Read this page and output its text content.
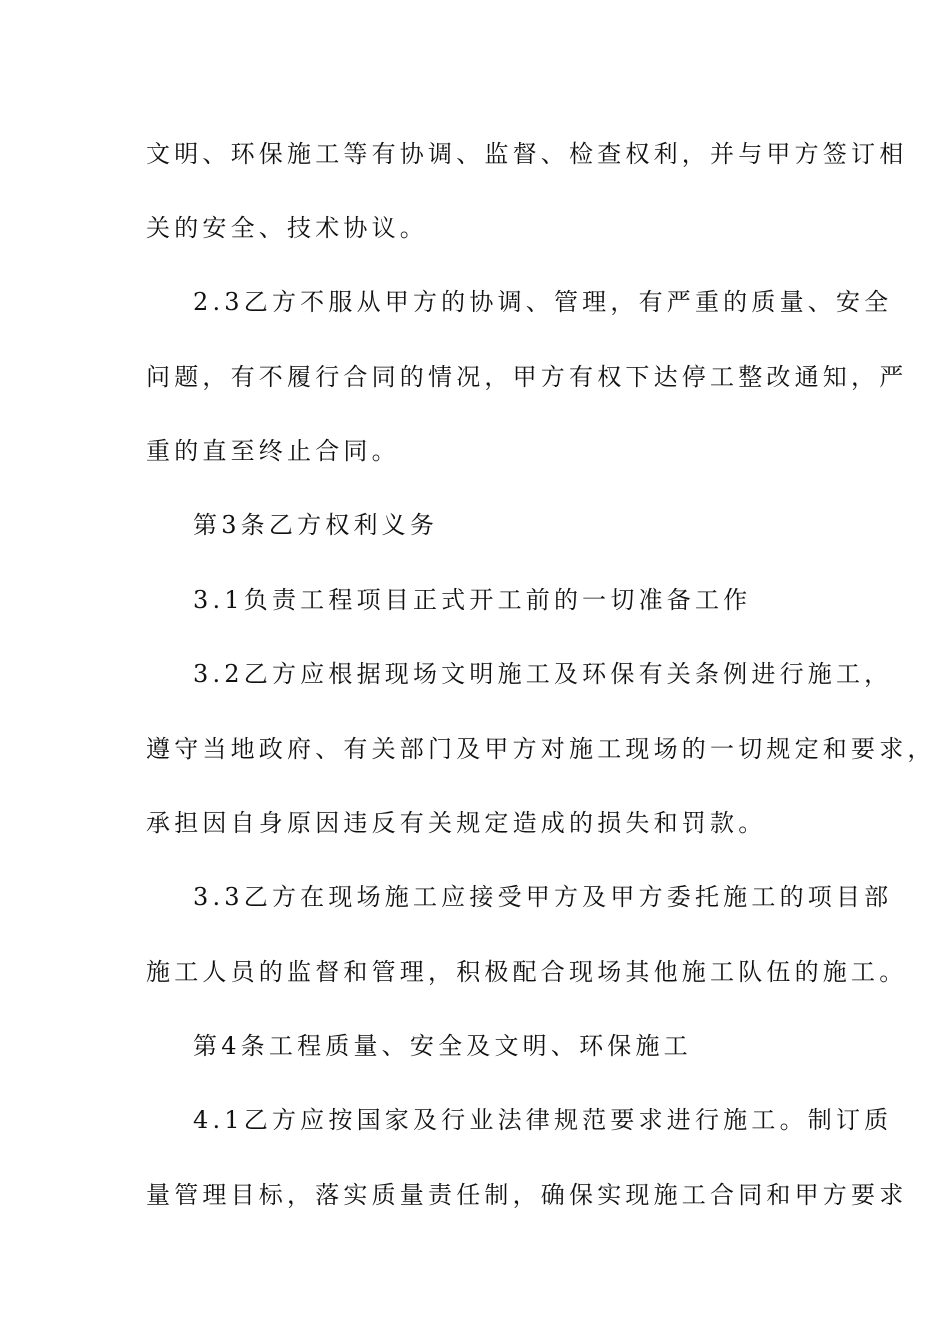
文明、环保施工等有协调、监督、检查权利，并与甲方签订相
关的安全、技术协议。
2.3乙方不服从甲方的协调、管理，有严重的质量、安全
问题，有不履行合同的情况，甲方有权下达停工整改通知，严
重的直至终止合同。
第3条乙方权利义务
3.1负责工程项目正式开工前的一切准备工作
3.2乙方应根据现场文明施工及环保有关条例进行施工，
遵守当地政府、有关部门及甲方对施工现场的一切规定和要求，
承担因自身原因违反有关规定造成的损失和罚款。
3.3乙方在现场施工应接受甲方及甲方委托施工的项目部
施工人员的监督和管理，积极配合现场其他施工队伍的施工。
第4条工程质量、安全及文明、环保施工
4.1乙方应按国家及行业法律规范要求进行施工。制订质
量管理目标，落实质量责任制，确保实现施工合同和甲方要求
